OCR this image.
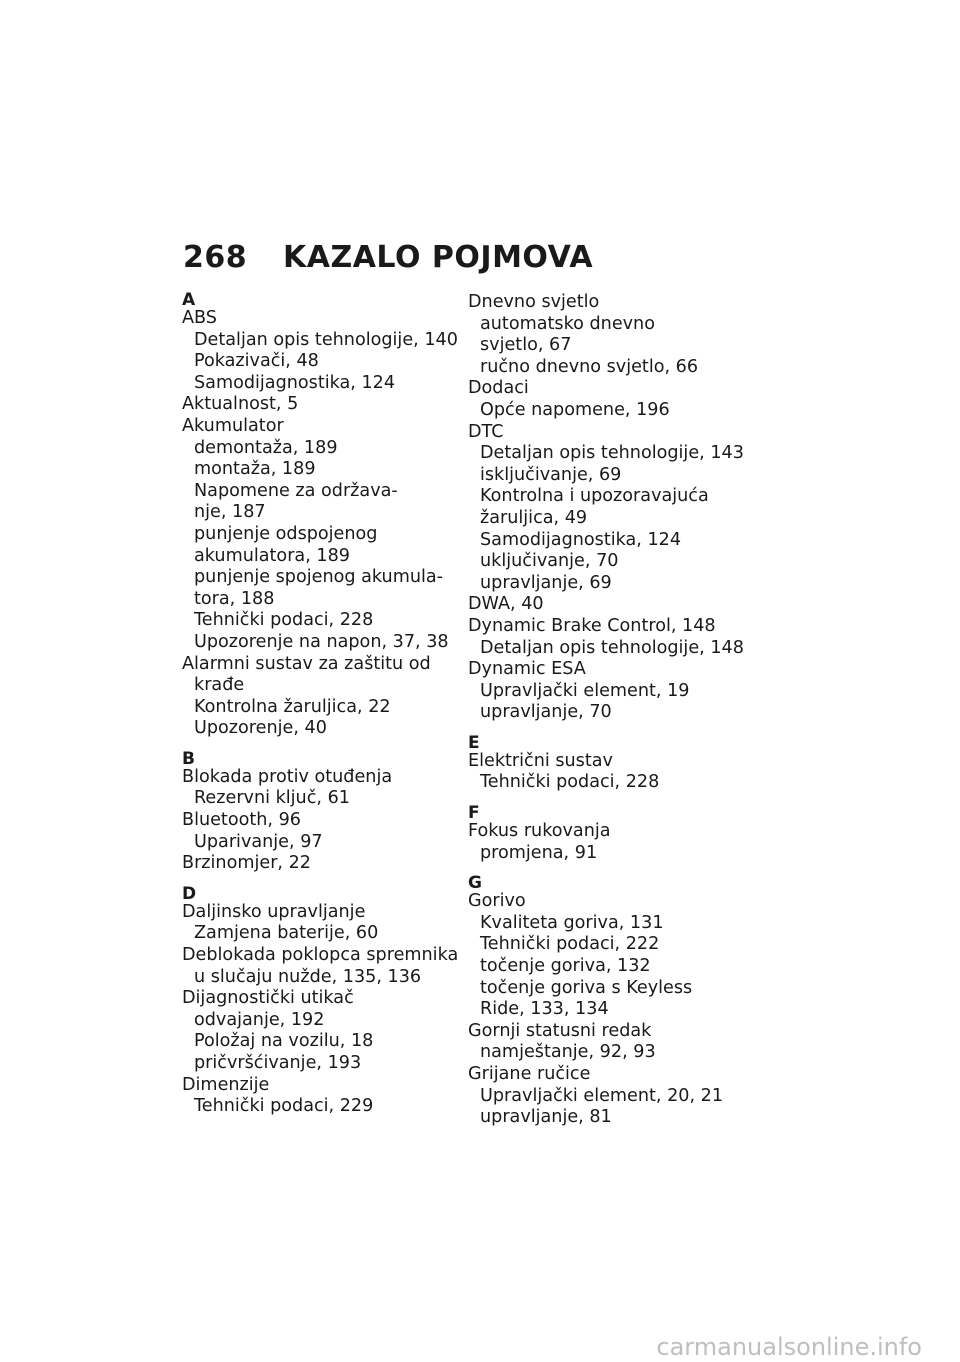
268 KAZALO POJMOVA
A
ABS
Detaljan opis tehnologije, 140
Pokazivači, 48
Samodijagnostika, 124
Aktualnost, 5
Akumulator
demontaža, 189
montaža, 189
Napomene za održava-
nje, 187
punjenje odspojenog
akumulatora, 189
punjenje spojenog akumula-
tora, 188
Tehnički podaci, 228
Upozorenje na napon, 37, 38
Alarmni sustav za zaštitu od
krađe
Kontrolna žaruljica, 22
Upozorenje, 40
B
Blokada protiv otuđenja
Rezervni ključ, 61
Bluetooth, 96
Uparivanje, 97
Brzinomjer, 22
D
Daljinsko upravljanje
Zamjena baterije, 60
Deblokada poklopca spremnika
u slučaju nužde, 135, 136
Dijagnostički utikač
odvajanje, 192
Položaj na vozilu, 18
pričvršćivanje, 193
Dimenzije
Tehnički podaci, 229
Dnevno svjetlo
automatsko dnevno
svjetlo, 67
ručno dnevno svjetlo, 66
Dodaci
Opće napomene, 196
DTC
Detaljan opis tehnologije, 143
isključivanje, 69
Kontrolna i upozoravajuća
žaruljica, 49
Samodijagnostika, 124
uključivanje, 70
upravljanje, 69
DWA, 40
Dynamic Brake Control, 148
Detaljan opis tehnologije, 148
Dynamic ESA
Upravljački element, 19
upravljanje, 70
E
Električni sustav
Tehnički podaci, 228
F
Fokus rukovanja
promjena, 91
G
Gorivo
Kvaliteta goriva, 131
Tehnički podaci, 222
točenje goriva, 132
točenje goriva s Keyless
Ride, 133, 134
Gornji statusni redak
namještanje, 92, 93
Grijane ručice
Upravljački element, 20, 21
upravljanje, 81
carmanualsonline.info
